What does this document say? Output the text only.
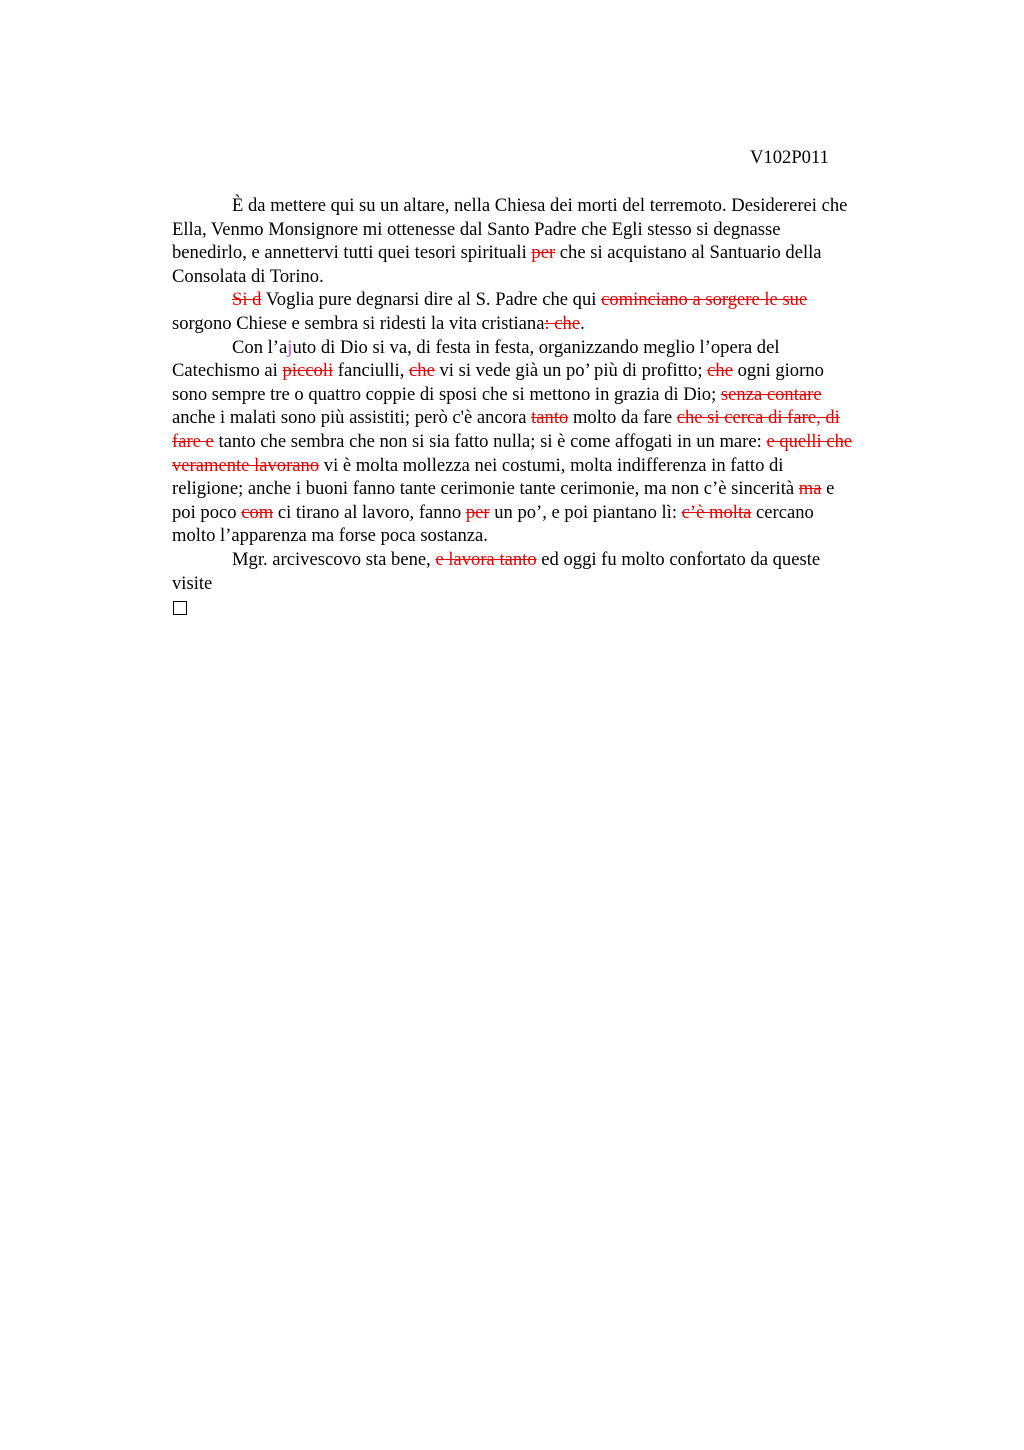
V102P011
È da mettere qui su un altare, nella Chiesa dei morti del terremoto. Desidererei che
Ella, Venmo Monsignore mi ottenesse dal Santo Padre che Egli stesso si degnasse
benedirlo, e annettervi tutti quei tesori spirituali per che si acquistano al Santuario della
Consolata di Torino.
Si d Voglia pure degnarsi dire al S. Padre che qui cominciano a sorgere le sue
sorgono Chiese e sembra si ridesti la vita cristiana: che.
Con l’ajuto di Dio si va, di festa in festa, organizzando meglio l’opera del
Catechismo ai piccoli fanciulli, che vi si vede già un po’ più di profitto; che ogni giorno
sono sempre tre o quattro coppie di sposi che si mettono in grazia di Dio; senza contare
anche i malati sono più assistiti; però c'è ancora tanto molto da fare che si cerca di fare, di
fare e tanto che sembra che non si sia fatto nulla; si è come affogati in un mare: e quelli che
veramente lavorano vi è molta mollezza nei costumi, molta indifferenza in fatto di
religione; anche i buoni fanno tante cerimonie tante cerimonie, ma non c’è sincerità ma e
poi poco com ci tirano al lavoro, fanno per un po’, e poi piantano lì: c’è molta cercano
molto l’apparenza ma forse poca sostanza.
Mgr. arcivescovo sta bene, e lavora tanto ed oggi fu molto confortato da queste
visite
